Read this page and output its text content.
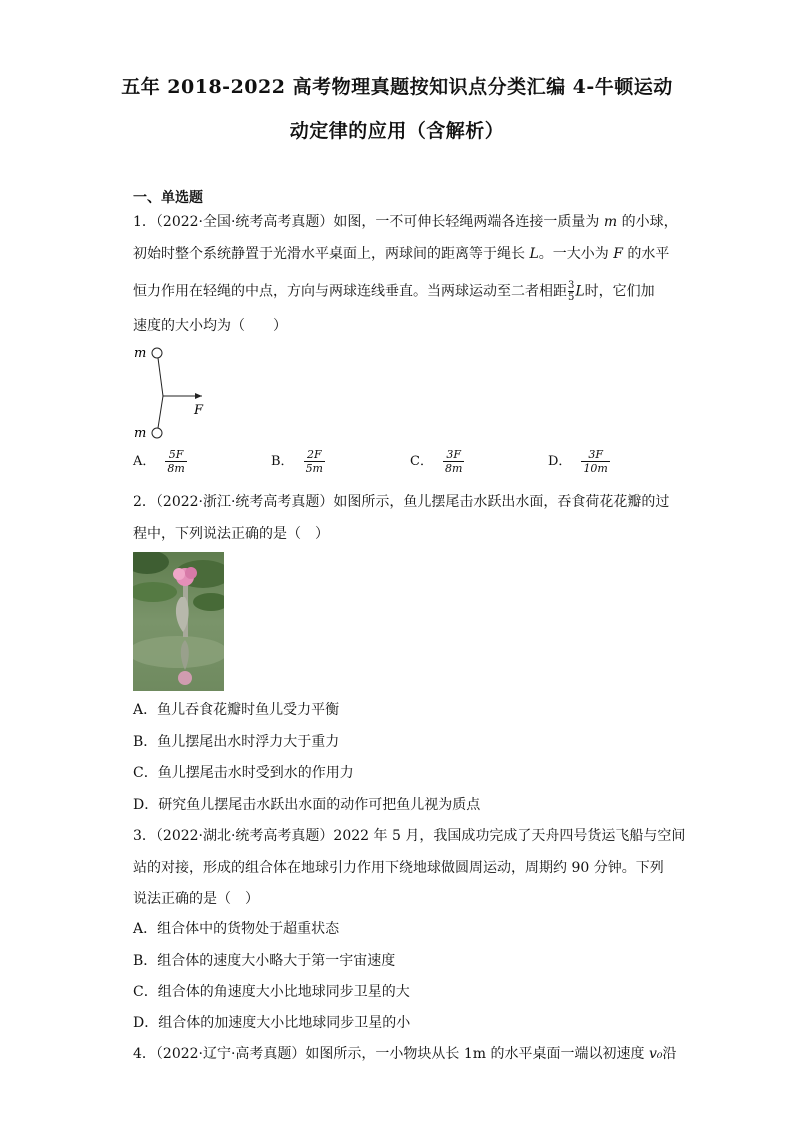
五年 2018-2022 高考物理真题按知识点分类汇编 4-牛顿运动
动定律的应用（含解析）
一、单选题
1．（2022·全国·统考高考真题）如图，一不可伸长轻绳两端各连接一质量为 m 的小球，
初始时整个系统静置于光滑水平桌面上，两球间的距离等于绳长 L。一大小为 F 的水平
恒力作用在轻绳的中点，方向与两球连线垂直。当两球运动至二者相距 $\frac{3}{5}$ L时，它们加
速度的大小均为（　　）
m
m
F
A． $\frac{5F}{8m}$	B． $\frac{2F}{5m}$	C． $\frac{3F}{8m}$	D． $\frac{3F}{10m}$
2．（2022·浙江·统考高考真题）如图所示，鱼儿摆尾击水跃出水面，吞食荷花花瓣的过
程中，下列说法正确的是（　）
A．鱼儿吞食花瓣时鱼儿受力平衡
B．鱼儿摆尾出水时浮力大于重力
C．鱼儿摆尾击水时受到水的作用力
D．研究鱼儿摆尾击水跃出水面的动作可把鱼儿视为质点
3．（2022·湖北·统考高考真题）2022 年 5 月，我国成功完成了天舟四号货运飞船与空间
站的对接，形成的组合体在地球引力作用下绕地球做圆周运动，周期约 90 分钟。下列
说法正确的是（　）
A．组合体中的货物处于超重状态
B．组合体的速度大小略大于第一宇宙速度
C．组合体的角速度大小比地球同步卫星的大
D．组合体的加速度大小比地球同步卫星的小
4．（2022·辽宁·高考真题）如图所示，一小物块从长 1m 的水平桌面一端以初速度 v₀沿
